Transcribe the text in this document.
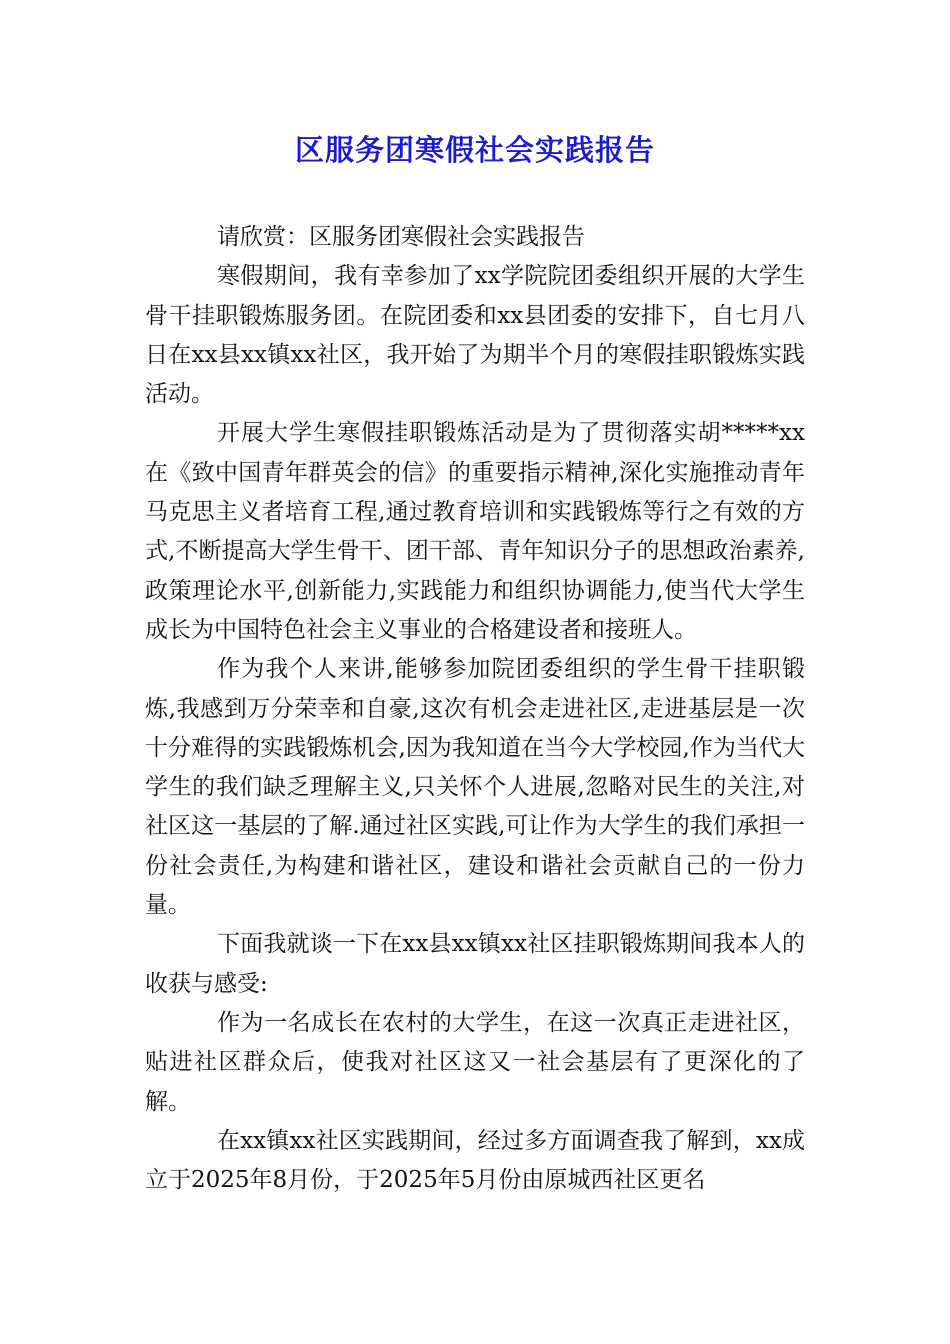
区服务团寒假社会实践报告

请欣赏：区服务团寒假社会实践报告

寒假期间，我有幸参加了xx学院院团委组织开展的大学生骨干挂职锻炼服务团。在院团委和xx县团委的安排下，自七月八日在xx县xx镇xx社区，我开始了为期半个月的寒假挂职锻炼实践活动。

开展大学生寒假挂职锻炼活动是为了贯彻落实胡*****xx在《致中国青年群英会的信》的重要指示精神,深化实施推动青年马克思主义者培育工程,通过教育培训和实践锻炼等行之有效的方式,不断提高大学生骨干、团干部、青年知识分子的思想政治素养,政策理论水平,创新能力,实践能力和组织协调能力,使当代大学生成长为中国特色社会主义事业的合格建设者和接班人。

作为我个人来讲,能够参加院团委组织的学生骨干挂职锻炼,我感到万分荣幸和自豪,这次有机会走进社区,走进基层是一次十分难得的实践锻炼机会,因为我知道在当今大学校园,作为当代大学生的我们缺乏理解主义,只关怀个人进展,忽略对民生的关注,对社区这一基层的了解.通过社区实践,可让作为大学生的我们承担一份社会责任,为构建和谐社区，建设和谐社会贡献自己的一份力量。

下面我就谈一下在xx县xx镇xx社区挂职锻炼期间我本人的收获与感受:

作为一名成长在农村的大学生，在这一次真正走进社区，贴进社区群众后，使我对社区这又一社会基层有了更深化的了解。

在xx镇xx社区实践期间，经过多方面调查我了解到，xx成立于2025年8月份，于2025年5月份由原城西社区更名
